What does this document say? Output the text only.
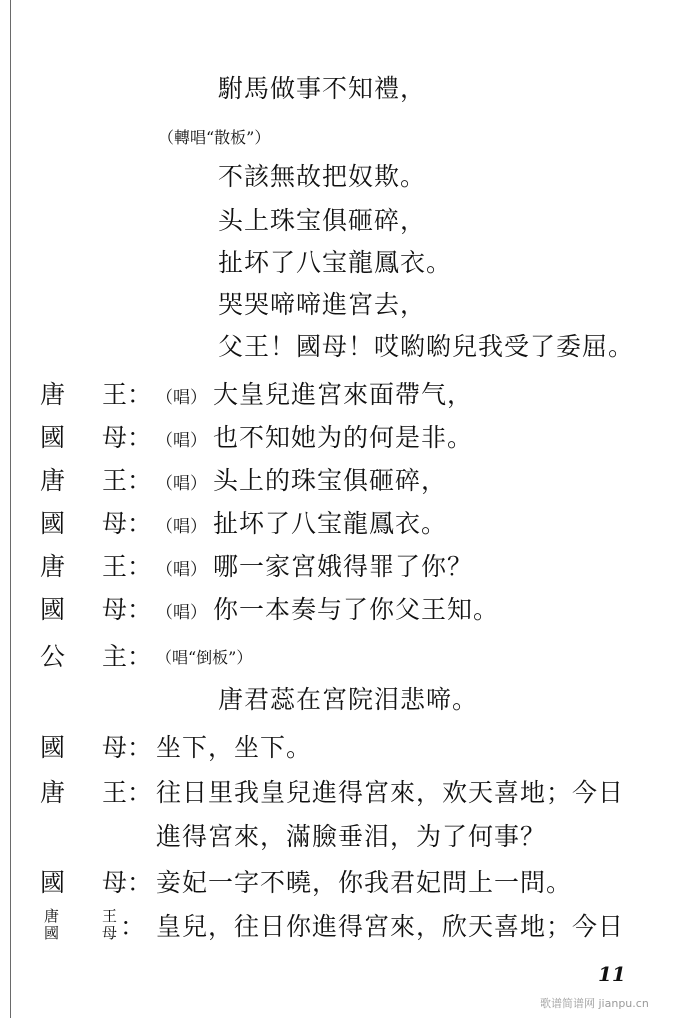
駙馬做事不知禮，
（轉唱“散板”）
不該無故把奴欺。
头上珠宝俱砸碎，
扯坏了八宝龍鳳衣。
哭哭啼啼進宮去，
父王！國母！哎喲喲兒我受了委屈。
唐 王： （唱） 大皇兒進宮來面帶气，
國 母： （唱） 也不知她为的何是非。
唐 王： （唱） 头上的珠宝俱砸碎，
國 母： （唱） 扯坏了八宝龍鳳衣。
唐 王： （唱） 哪一家宮娥得罪了你？
國 母： （唱） 你一本奏与了你父王知。
公 主： （唱“倒板”）
唐君蕊在宮院泪悲啼。
國 母： 坐下，坐下。
唐 王： 往日里我皇兒進得宮來，欢天喜地；今日
進得宮來，滿臉垂泪，为了何事？
國 母： 妾妃一字不曉，你我君妃問上一問。
唐
國
王
母 ： 皇兒，往日你進得宮來，欣天喜地；今日
11
歌谱简谱网 jianpu.cn
